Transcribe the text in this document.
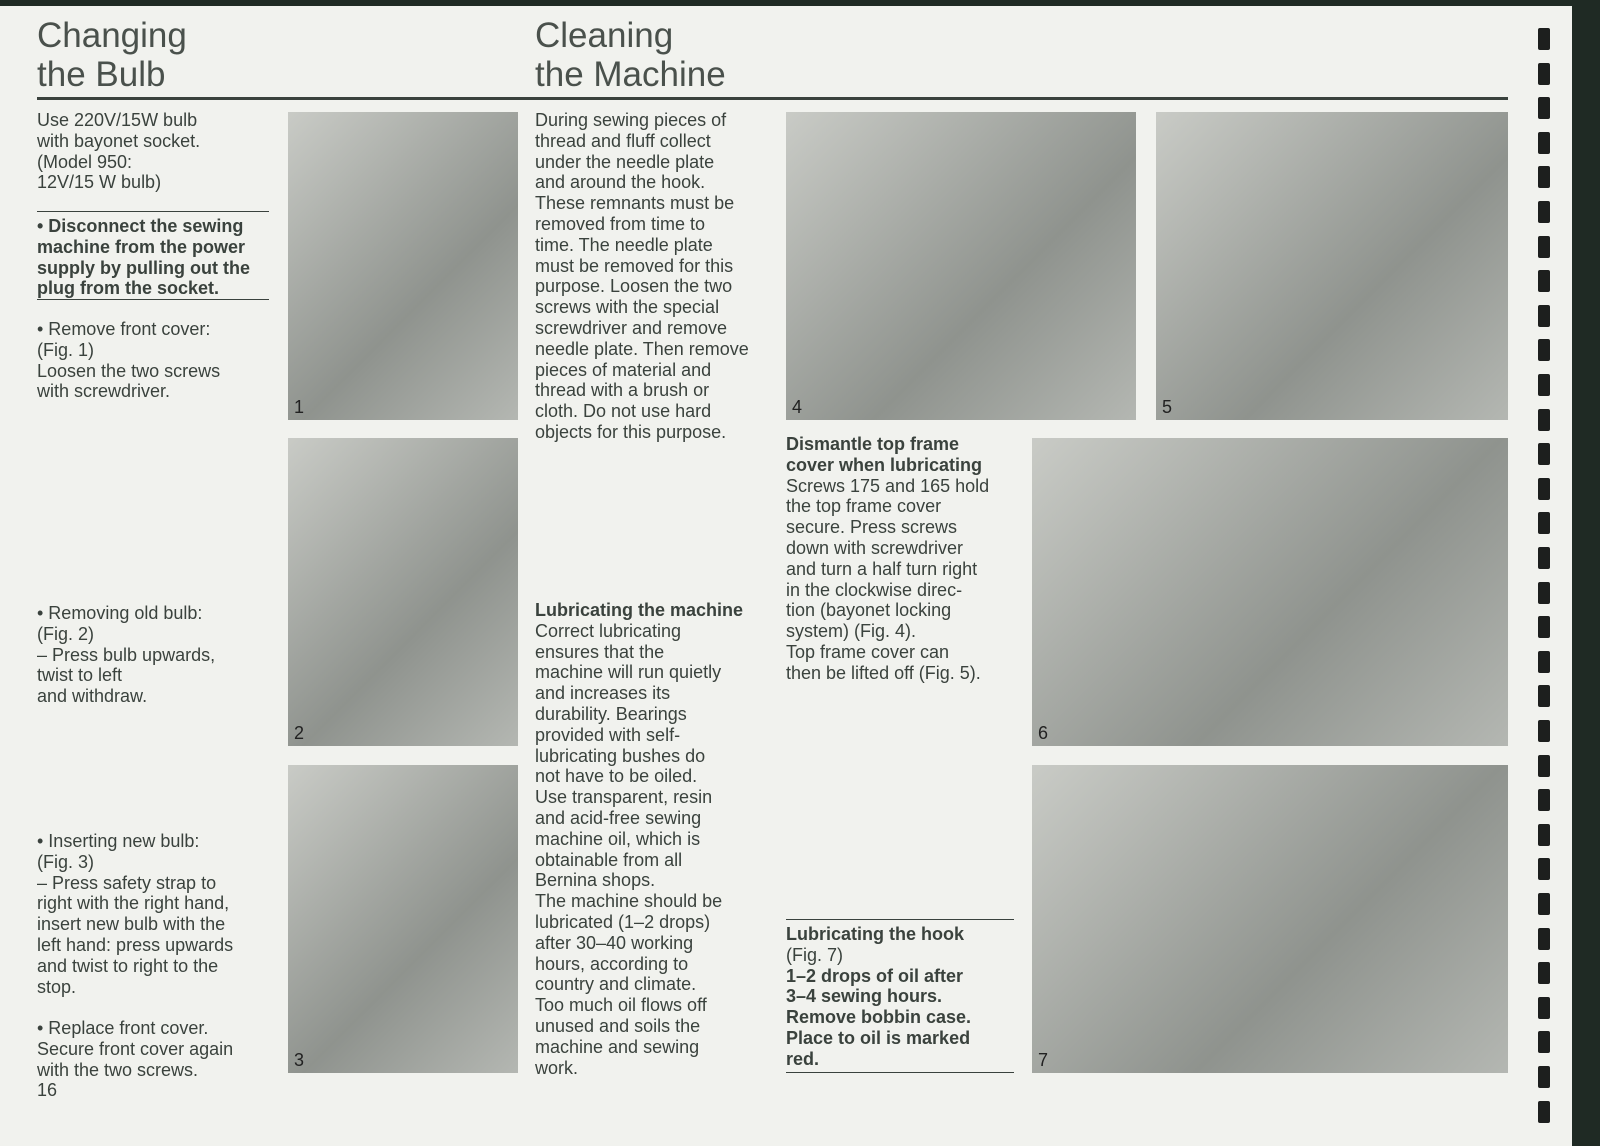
Changing
the Bulb
Cleaning
the Machine
Use 220V/15W bulb
with bayonet socket.
(Model 950:
12V/15 W bulb)
• Disconnect the sewing
machine from the power
supply by pulling out the
plug from the socket.
• Remove front cover:
(Fig. 1)
Loosen the two screws
with screwdriver.
• Removing old bulb:
(Fig. 2)
– Press bulb upwards,
twist to left
and withdraw.
• Inserting new bulb:
(Fig. 3)
– Press safety strap to
right with the right hand,
insert new bulb with the
left hand: press upwards
and twist to right to the
stop.
• Replace front cover.
Secure front cover again
with the two screws.
16
1
2
3
During sewing pieces of
thread and fluff collect
under the needle plate
and around the hook.
These remnants must be
removed from time to
time. The needle plate
must be removed for this
purpose. Loosen the two
screws with the special
screwdriver and remove
needle plate. Then remove
pieces of material and
thread with a brush or
cloth. Do not use hard
objects for this purpose.

Lubricating the machine

Correct lubricating
ensures that the
machine will run quietly
and increases its
durability. Bearings
provided with self-
lubricating bushes do
not have to be oiled.
Use transparent, resin
and acid-free sewing
machine oil, which is
obtainable from all
Bernina shops.
The machine should be
lubricated (1–2 drops)
after 30–40 working
hours, according to
country and climate.
Too much oil flows off
unused and soils the
machine and sewing
work.
4	5
Dismantle top frame
cover when lubricating
Screws 175 and 165 hold
the top frame cover
secure. Press screws
down with screwdriver
and turn a half turn right
in the clockwise direc-
tion (bayonet locking
system) (Fig. 4).
Top frame cover can
then be lifted off (Fig. 5).
6
7

Lubricating the hook

(Fig. 7)

1–2 drops of oil after
3–4 sewing hours.
Remove bobbin case.
Place to oil is marked
red.
